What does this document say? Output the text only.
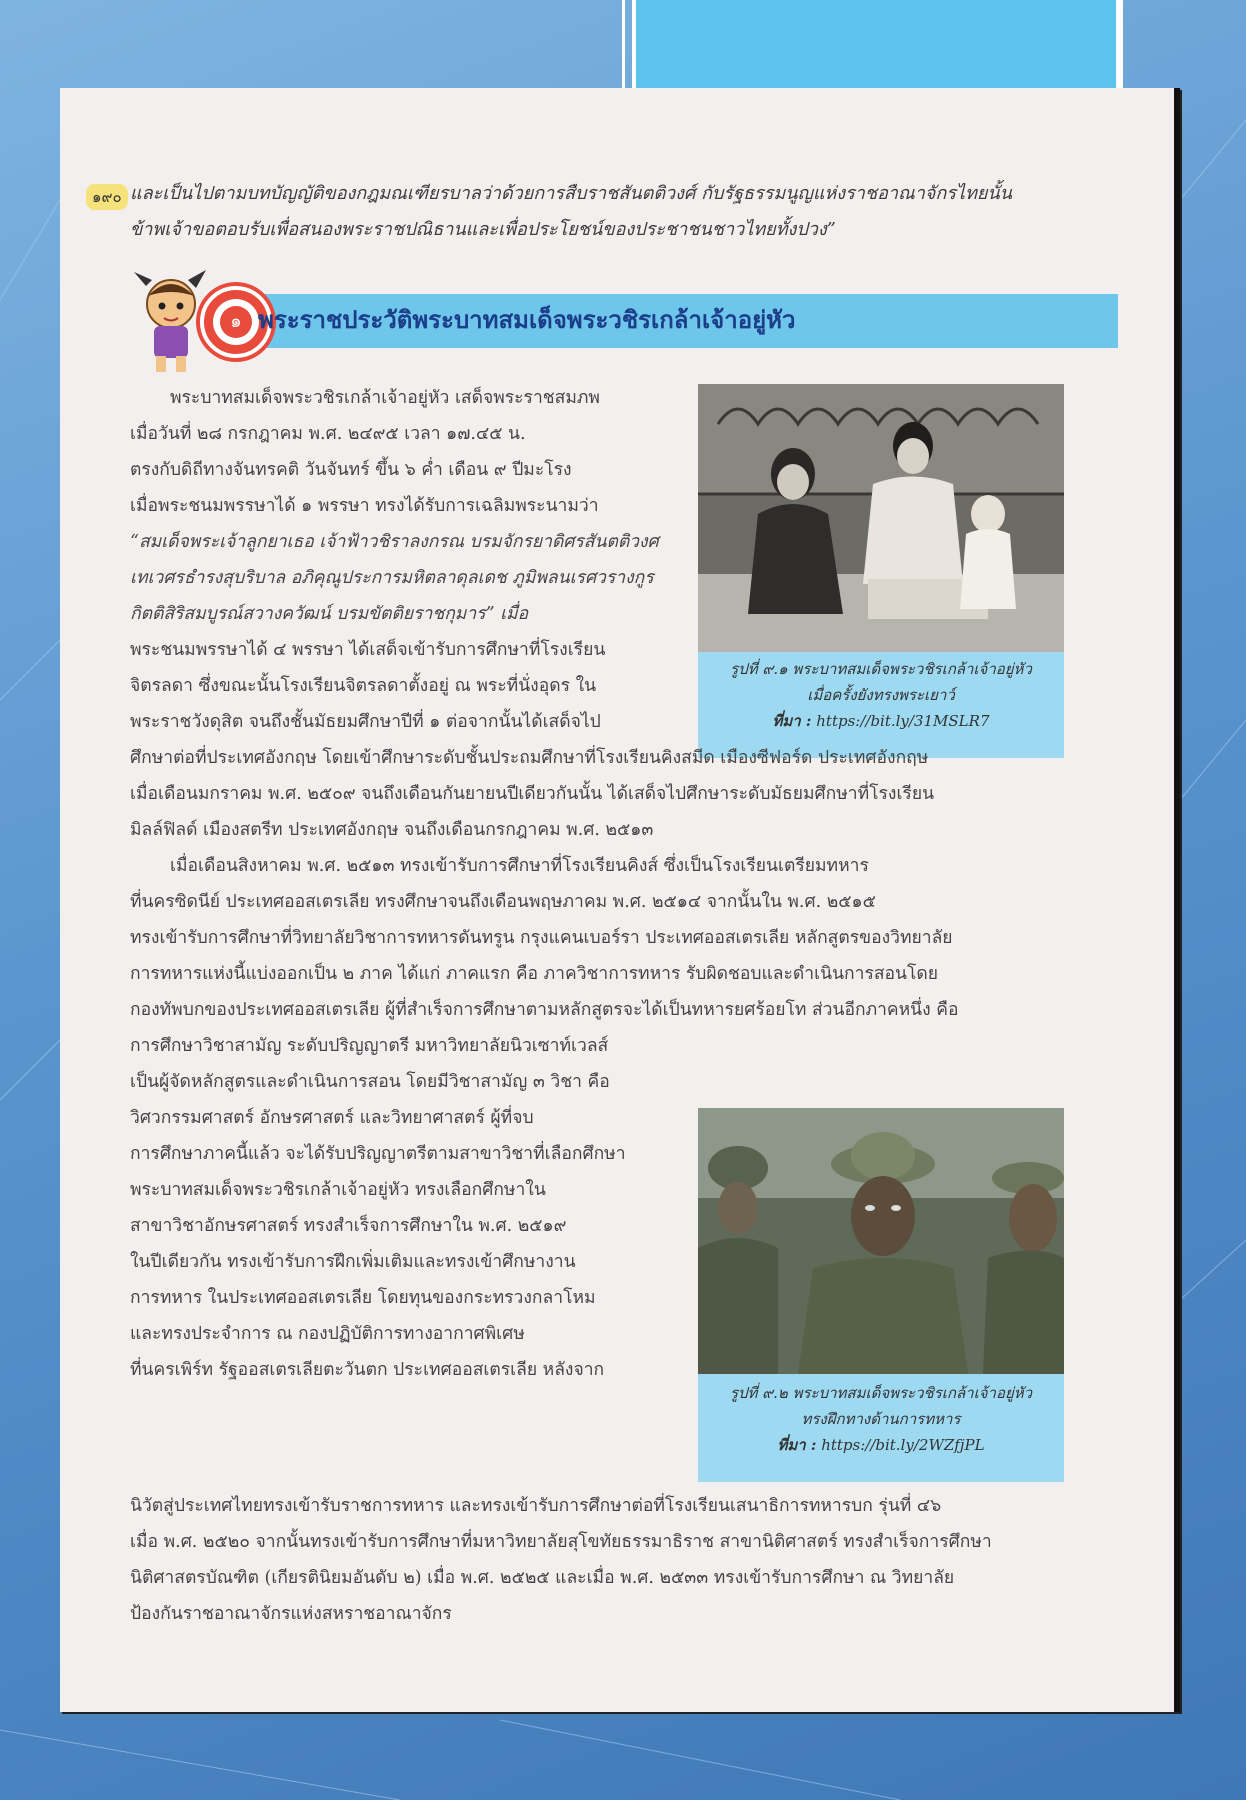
๑๙๐ และเป็นไปตามบทบัญญัติของกฎมณเฑียรบาลว่าด้วยการสืบราชสันตติวงศ์ กับรัฐธรรมนูญแห่งราชอาณาจักรไทยนั้น

ข้าพเจ้าขอตอบรับเพื่อสนองพระราชปณิธานและเพื่อประโยชน์ของประชาชนชาวไทยทั้งปวง”

๑ พระราชประวัติพระบาทสมเด็จพระวชิรเกล้าเจ้าอยู่หัว

พระบาทสมเด็จพระวชิรเกล้าเจ้าอยู่หัว เสด็จพระราชสมภพ

เมื่อวันที่ ๒๘ กรกฎาคม พ.ศ. ๒๔๙๕ เวลา ๑๗.๔๕ น.

ตรงกับดิถีทางจันทรคติ วันจันทร์ ขึ้น ๖ ค่ำ เดือน ๙ ปีมะโรง

เมื่อพระชนมพรรษาได้ ๑ พรรษา ทรงได้รับการเฉลิมพระนามว่า

“สมเด็จพระเจ้าลูกยาเธอ เจ้าฟ้าวชิราลงกรณ บรมจักรยาดิศรสันตติวงศ

เทเวศรธำรงสุบริบาล อภิคุณูประการมหิตลาดุลเดช ภูมิพลนเรศวรางกูร

กิตติสิริสมบูรณ์สวางควัฒน์ บรมขัตติยราชกุมาร” เมื่อ

พระชนมพรรษาได้ ๔ พรรษา ได้เสด็จเข้ารับการศึกษาที่โรงเรียน

จิตรลดา ซึ่งขณะนั้นโรงเรียนจิตรลดาตั้งอยู่ ณ พระที่นั่งอุดร ใน

พระราชวังดุสิต จนถึงชั้นมัธยมศึกษาปีที่ ๑ ต่อจากนั้นได้เสด็จไป

รูปที่ ๙.๑ พระบาทสมเด็จพระวชิรเกล้าเจ้าอยู่หัว
เมื่อครั้งยังทรงพระเยาว์
ที่มา : https://bit.ly/31MSLR7

ศึกษาต่อที่ประเทศอังกฤษ โดยเข้าศึกษาระดับชั้นประถมศึกษาที่โรงเรียนคิงสมีด เมืองซีฟอร์ด ประเทศอังกฤษ

เมื่อเดือนมกราคม พ.ศ. ๒๕๐๙ จนถึงเดือนกันยายนปีเดียวกันนั้น ได้เสด็จไปศึกษาระดับมัธยมศึกษาที่โรงเรียน

มิลล์ฟิลด์ เมืองสตรีท ประเทศอังกฤษ จนถึงเดือนกรกฎาคม พ.ศ. ๒๕๑๓

เมื่อเดือนสิงหาคม พ.ศ. ๒๕๑๓ ทรงเข้ารับการศึกษาที่โรงเรียนคิงส์ ซึ่งเป็นโรงเรียนเตรียมทหาร

ที่นครซิดนีย์ ประเทศออสเตรเลีย ทรงศึกษาจนถึงเดือนพฤษภาคม พ.ศ. ๒๕๑๔ จากนั้นใน พ.ศ. ๒๕๑๕

ทรงเข้ารับการศึกษาที่วิทยาลัยวิชาการทหารดันทรูน กรุงแคนเบอร์รา ประเทศออสเตรเลีย หลักสูตรของวิทยาลัย

การทหารแห่งนี้แบ่งออกเป็น ๒ ภาค ได้แก่ ภาคแรก คือ ภาควิชาการทหาร รับผิดชอบและดำเนินการสอนโดย

กองทัพบกของประเทศออสเตรเลีย ผู้ที่สำเร็จการศึกษาตามหลักสูตรจะได้เป็นทหารยศร้อยโท ส่วนอีกภาคหนึ่ง คือ

การศึกษาวิชาสามัญ ระดับปริญญาตรี มหาวิทยาลัยนิวเซาท์เวลส์

เป็นผู้จัดหลักสูตรและดำเนินการสอน โดยมีวิชาสามัญ ๓ วิชา คือ

วิศวกรรมศาสตร์ อักษรศาสตร์ และวิทยาศาสตร์ ผู้ที่จบ

การศึกษาภาคนี้แล้ว จะได้รับปริญญาตรีตามสาขาวิชาที่เลือกศึกษา

พระบาทสมเด็จพระวชิรเกล้าเจ้าอยู่หัว ทรงเลือกศึกษาใน

สาขาวิชาอักษรศาสตร์ ทรงสำเร็จการศึกษาใน พ.ศ. ๒๕๑๙

ในปีเดียวกัน ทรงเข้ารับการฝึกเพิ่มเติมและทรงเข้าศึกษางาน

การทหาร ในประเทศออสเตรเลีย โดยทุนของกระทรวงกลาโหม

และทรงประจำการ ณ กองปฏิบัติการทางอากาศพิเศษ

ที่นครเพิร์ท รัฐออสเตรเลียตะวันตก ประเทศออสเตรเลีย หลังจาก

รูปที่ ๙.๒ พระบาทสมเด็จพระวชิรเกล้าเจ้าอยู่หัว
ทรงฝึกทางด้านการทหาร
ที่มา : https://bit.ly/2WZfjPL

นิวัตสู่ประเทศไทยทรงเข้ารับราชการทหาร และทรงเข้ารับการศึกษาต่อที่โรงเรียนเสนาธิการทหารบก รุ่นที่ ๔๖

เมื่อ พ.ศ. ๒๕๒๐ จากนั้นทรงเข้ารับการศึกษาที่มหาวิทยาลัยสุโขทัยธรรมาธิราช สาขานิติศาสตร์ ทรงสำเร็จการศึกษา

นิติศาสตรบัณฑิต (เกียรตินิยมอันดับ ๒) เมื่อ พ.ศ. ๒๕๒๕ และเมื่อ พ.ศ. ๒๕๓๓ ทรงเข้ารับการศึกษา ณ วิทยาลัย

ป้องกันราชอาณาจักรแห่งสหราชอาณาจักร
